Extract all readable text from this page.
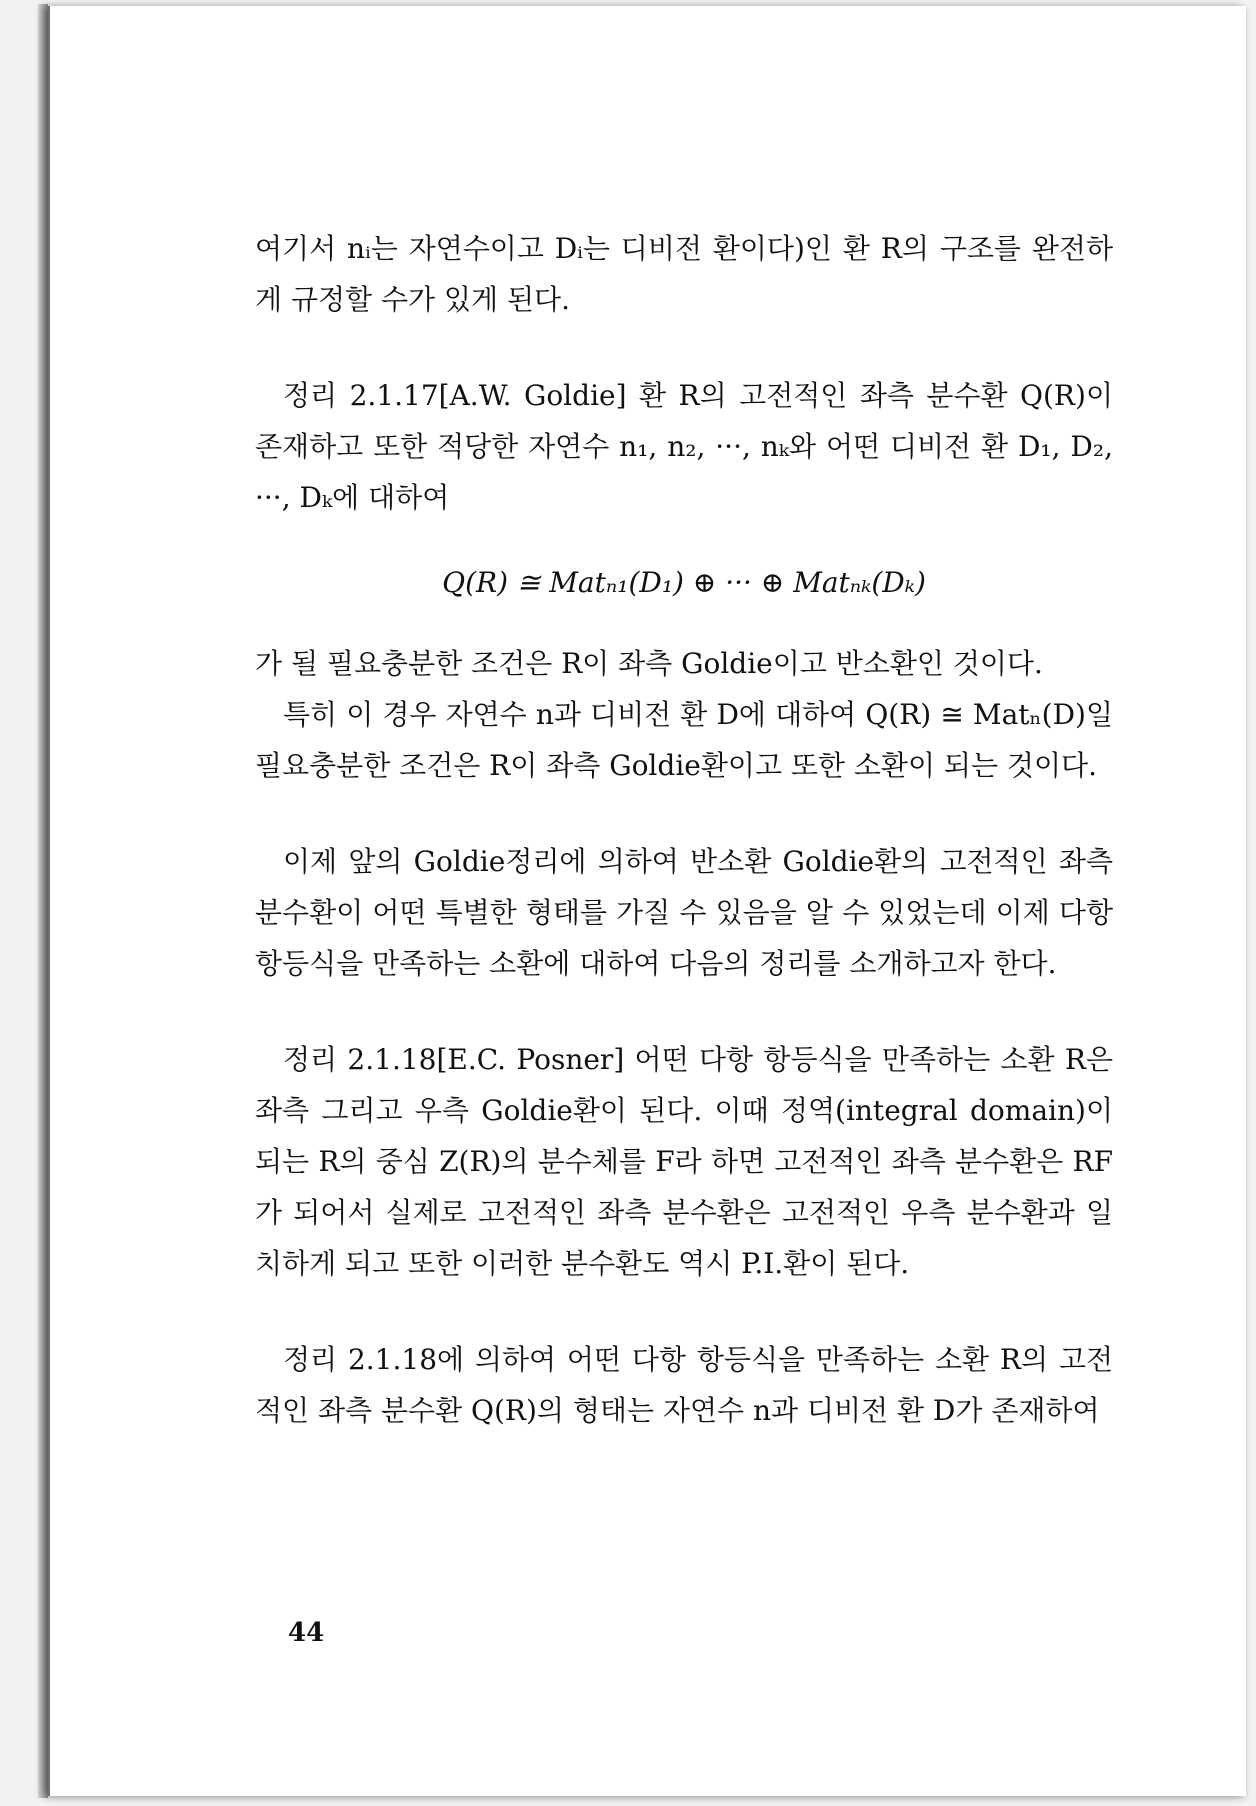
여기서 nᵢ는 자연수이고 Dᵢ는 디비전 환이다)인 환 R의 구조를 완전하게 규정할 수가 있게 된다.

정리 2.1.17[A.W. Goldie] 환 R의 고전적인 좌측 분수환 Q(R)이 존재하고 또한 적당한 자연수 n₁, n₂, ···, nₖ와 어떤 디비전 환 D₁, D₂, ···, Dₖ에 대하여

Q(R) ≅ Matₙ₁(D₁) ⊕ ··· ⊕ Matₙₖ(Dₖ)

가 될 필요충분한 조건은 R이 좌측 Goldie이고 반소환인 것이다.

특히 이 경우 자연수 n과 디비전 환 D에 대하여 Q(R) ≅ Matₙ(D)일 필요충분한 조건은 R이 좌측 Goldie환이고 또한 소환이 되는 것이다.

이제 앞의 Goldie정리에 의하여 반소환 Goldie환의 고전적인 좌측 분수환이 어떤 특별한 형태를 가질 수 있음을 알 수 있었는데 이제 다항 항등식을 만족하는 소환에 대하여 다음의 정리를 소개하고자 한다.

정리 2.1.18[E.C. Posner] 어떤 다항 항등식을 만족하는 소환 R은 좌측 그리고 우측 Goldie환이 된다. 이때 정역(integral domain)이 되는 R의 중심 Z(R)의 분수체를 F라 하면 고전적인 좌측 분수환은 RF가 되어서 실제로 고전적인 좌측 분수환은 고전적인 우측 분수환과 일치하게 되고 또한 이러한 분수환도 역시 P.I.환이 된다.

정리 2.1.18에 의하여 어떤 다항 항등식을 만족하는 소환 R의 고전적인 좌측 분수환 Q(R)의 형태는 자연수 n과 디비전 환 D가 존재하여

44
